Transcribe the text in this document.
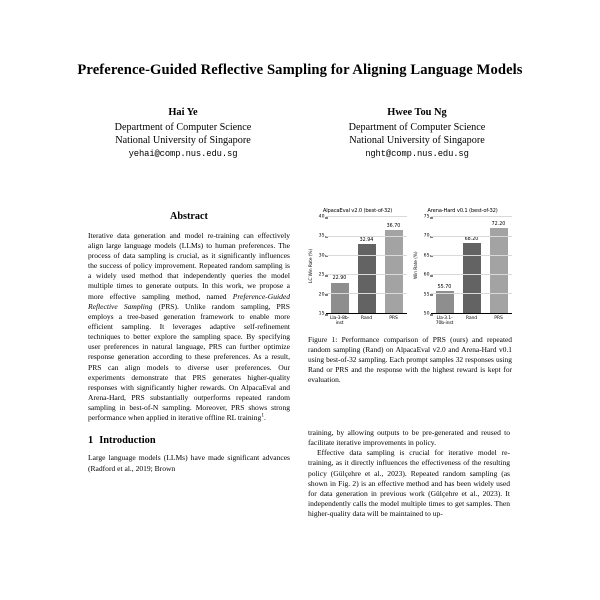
Preference-Guided Reflective Sampling for Aligning Language Models
Hai Ye
Department of Computer Science
National University of Singapore
yehai@comp.nus.edu.sg
Hwee Tou Ng
Department of Computer Science
National University of Singapore
nght@comp.nus.edu.sg
Abstract

Iterative data generation and model re-training can effectively align large language models (LLMs) to human preferences. The process of data sampling is crucial, as it significantly influences the success of policy improvement. Repeated random sampling is a widely used method that independently queries the model multiple times to generate outputs. In this work, we propose a more effective sampling method, named Preference-Guided Reflective Sampling (PRS). Unlike random sampling, PRS employs a tree-based generation framework to enable more efficient sampling. It leverages adaptive self-refinement techniques to better explore the sampling space. By specifying user preferences in natural language, PRS can further optimize response generation according to these preferences. As a result, PRS can align models to diverse user preferences. Our experiments demonstrate that PRS generates higher-quality responses with significantly higher rewards. On AlpacaEval and Arena-Hard, PRS substantially outperforms repeated random sampling in best-of-N sampling. Moreover, PRS shows strong performance when applied in iterative offline RL training$^1$.

1 Introduction

Large language models (LLMs) have made significant advances (Radford et al., 2019; Brown

training, by allowing outputs to be pre-generated and reused to facilitate iterative improvements in policy.

Effective data sampling is crucial for iterative model re-training, as it directly influences the effectiveness of the resulting policy (Gülçehre et al., 2023). Repeated random sampling (as shown in Fig. 2) is an effective method and has been widely used for data generation in previous work (Gülçehre et al., 2023). It independently calls the model multiple times to get samples. Then higher-quality data will be maintained to up-

AlpacaEval v2.0 (best-of-32)
LC Win Rate (%)
15
20
25
30
35
40
22.90
32.94
36.70
Lla-3-8b-
inst
Rand	PRS
Arena-Hard v0.1 (best-of-32)
Win Rate (%)
50
55
60
65
70
75
55.70
68.20
72.20
Lla-3.1-
70b-inst
Rand	PRS
Figure 1: Performance comparison of PRS (ours) and repeated random sampling (Rand) on AlpacaEval v2.0 and Arena-Hard v0.1 using best-of-32 sampling. Each prompt samples 32 responses using Rand or PRS and the response with the highest reward is kept for evaluation.
